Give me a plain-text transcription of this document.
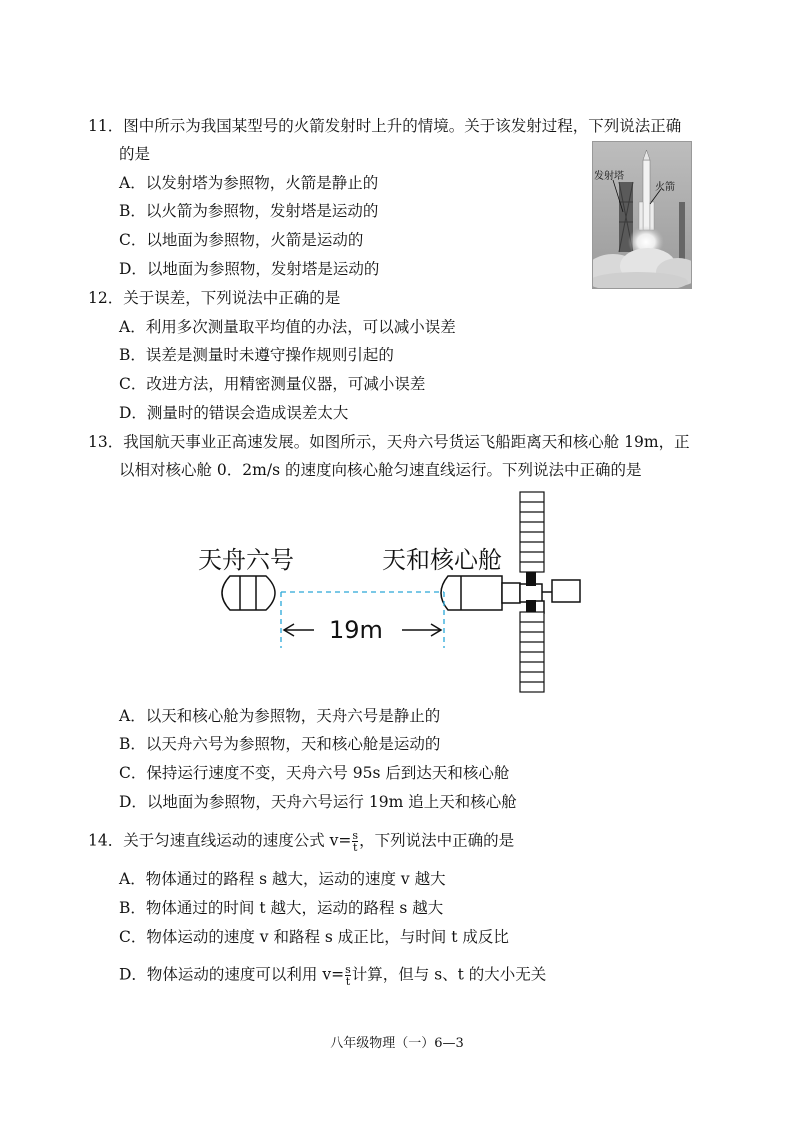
11．图中所示为我国某型号的火箭发射时上升的情境。关于该发射过程，下列说法正确
的是
A．以发射塔为参照物，火箭是静止的
B．以火箭为参照物，发射塔是运动的
C．以地面为参照物，火箭是运动的
D．以地面为参照物，发射塔是运动的
发射塔
火箭
12．关于误差，下列说法中正确的是
A．利用多次测量取平均值的办法，可以减小误差
B．误差是测量时未遵守操作规则引起的
C．改进方法，用精密测量仪器，可减小误差
D．测量时的错误会造成误差太大
13．我国航天事业正高速发展。如图所示，天舟六号货运飞船距离天和核心舱 19m，正
以相对核心舱 0．2m/s 的速度向核心舱匀速直线运行。下列说法中正确的是
天舟六号	天和核心舱
19m
A．以天和核心舱为参照物，天舟六号是静止的
B．以天舟六号为参照物，天和核心舱是运动的
C．保持运行速度不变，天舟六号 95s 后到达天和核心舱
D．以地面为参照物，天舟六号运行 19m 追上天和核心舱
14．关于匀速直线运动的速度公式 $v= \frac{s}{t}$ ，下列说法中正确的是
A．物体通过的路程 s 越大，运动的速度 v 越大
B．物体通过的时间 t 越大，运动的路程 s 越大
C．物体运动的速度 v 和路程 s 成正比，与时间 t 成反比
D．物体运动的速度可以利用 $v= \frac{s}{t}$ 计算，但与 s、t 的大小无关
八年级物理（一）6—3
